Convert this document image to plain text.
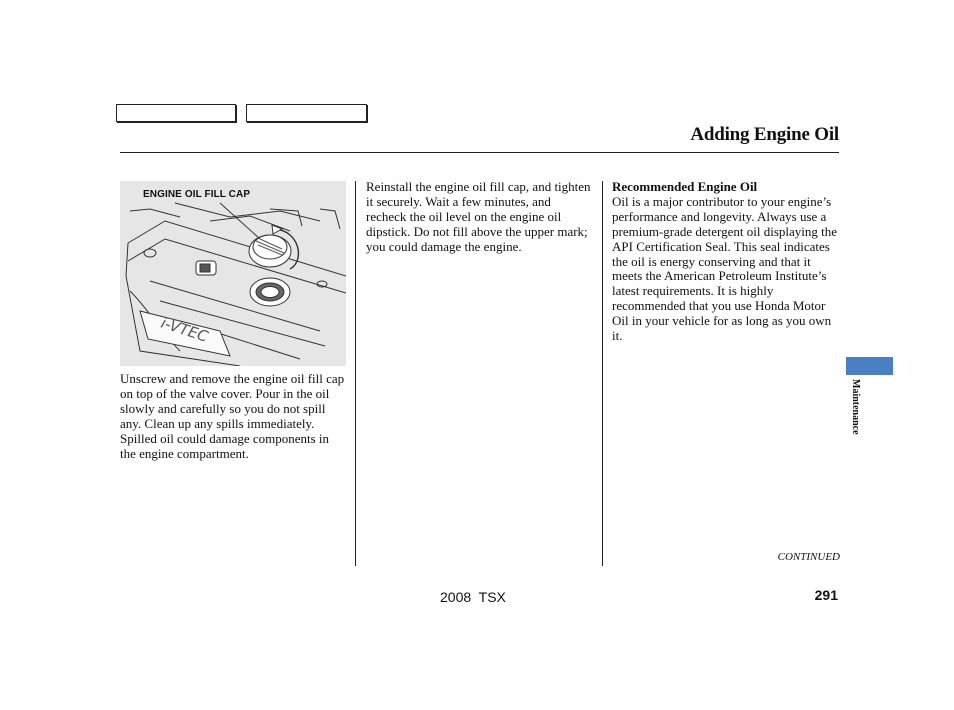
Adding Engine Oil
i-VTEC
ENGINE OIL FILL CAP
Unscrew and remove the engine oil fill cap on top of the valve cover. Pour in the oil slowly and carefully so you do not spill any. Clean up any spills immediately. Spilled oil could damage components in the engine compartment.
Reinstall the engine oil fill cap, and tighten it securely. Wait a few minutes, and recheck the oil level on the engine oil dipstick. Do not fill above the upper mark; you could damage the engine.
Recommended Engine Oil
Oil is a major contributor to your engine’s performance and longevity. Always use a premium-grade detergent oil displaying the API Certification Seal. This seal indicates the oil is energy conserving and that it meets the American Petroleum Institute’s latest requirements. It is highly recommended that you use Honda Motor Oil in your vehicle for as long as you own it.
Maintenance
CONTINUED
2008  TSX	291
